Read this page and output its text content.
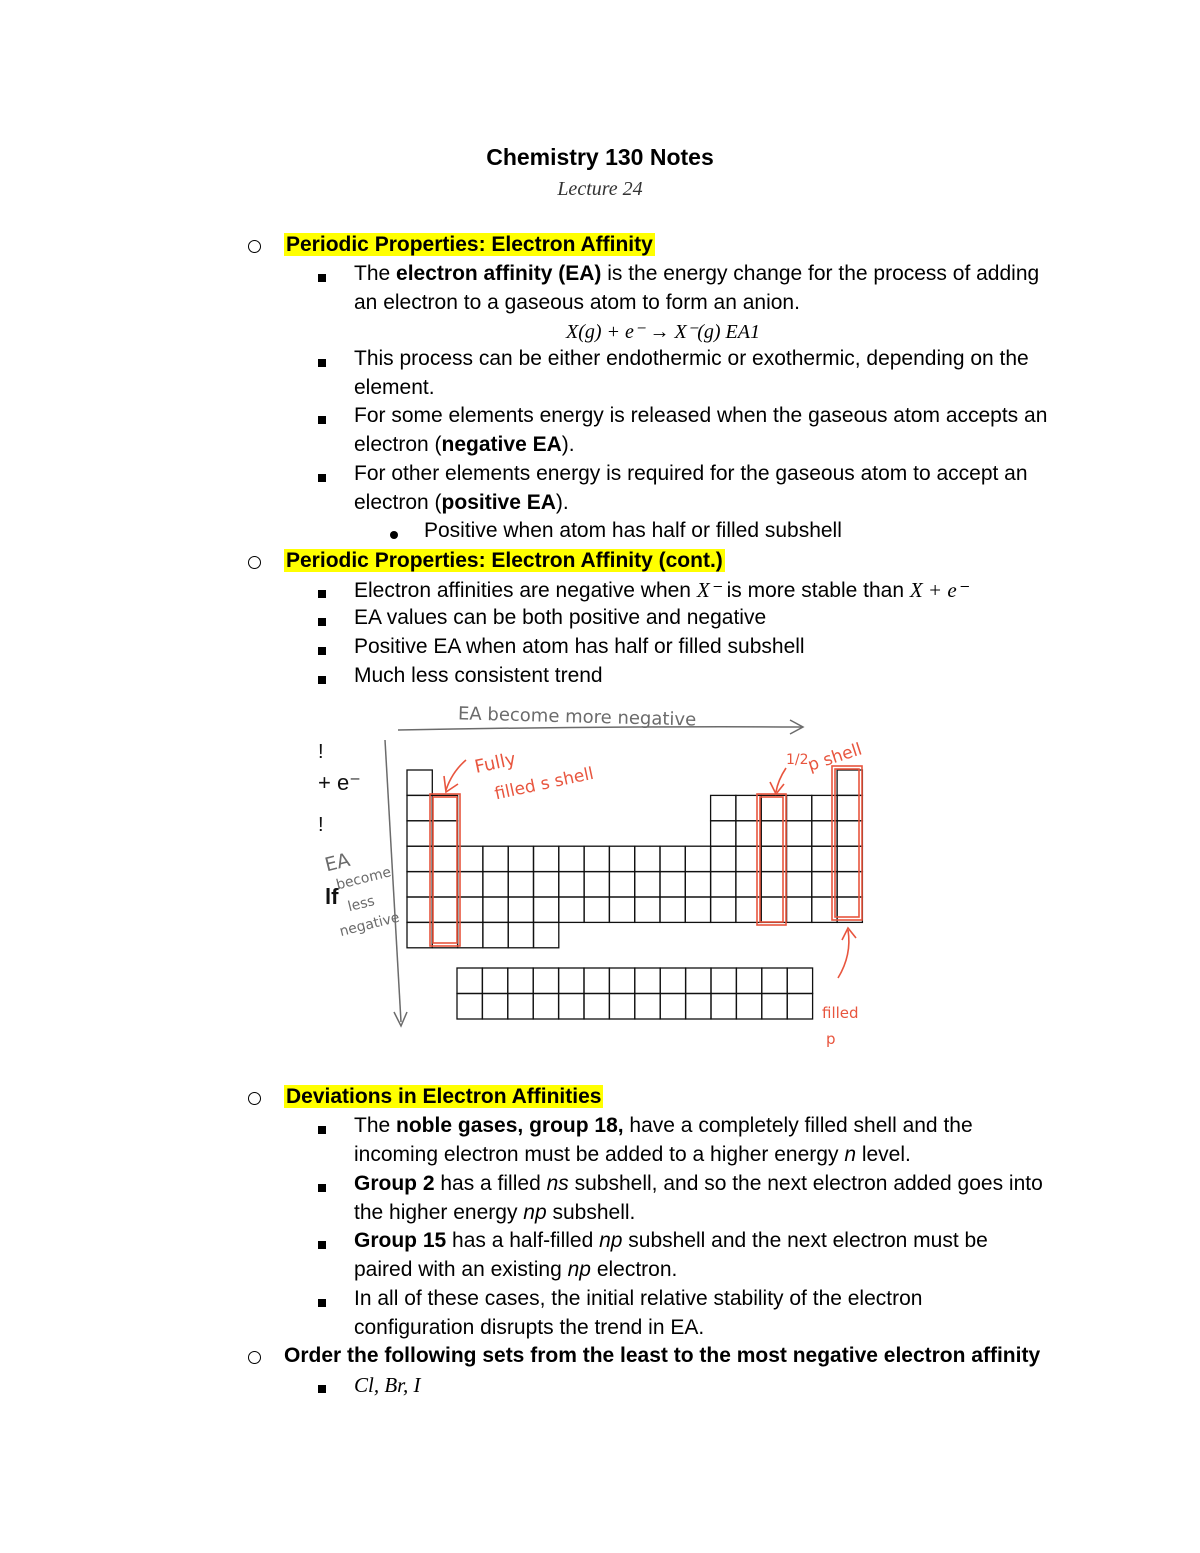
Chemistry 130 Notes
Lecture 24
Periodic Properties: Electron Affinity
The electron affinity (EA) is the energy change for the process of adding
an electron to a gaseous atom to form an anion.
X(g) + e⁻ → X⁻(g) EA1
This process can be either endothermic or exothermic, depending on the
element.
For some elements energy is released when the gaseous atom accepts an
electron (negative EA).
For other elements energy is required for the gaseous atom to accept an
electron (positive EA).
Positive when atom has half or filled subshell
Periodic Properties: Electron Affinity (cont.)
Electron affinities are negative when X⁻ is more stable than X + e⁻
EA values can be both positive and negative
Positive EA when atom has half or filled subshell
Much less consistent trend
EA become more negative
EA
become
less
negative
!
+ e⁻
!
lf
Fully
filled s shell
1/2
p shell
filled
p
Deviations in Electron Affinities
The noble gases, group 18, have a completely filled shell and the
incoming electron must be added to a higher energy n level.
Group 2 has a filled ns subshell, and so the next electron added goes into
the higher energy np subshell.
Group 15 has a half-filled np subshell and the next electron must be
paired with an existing np electron.
In all of these cases, the initial relative stability of the electron
configuration disrupts the trend in EA.
Order the following sets from the least to the most negative electron affinity
Cl, Br, I
